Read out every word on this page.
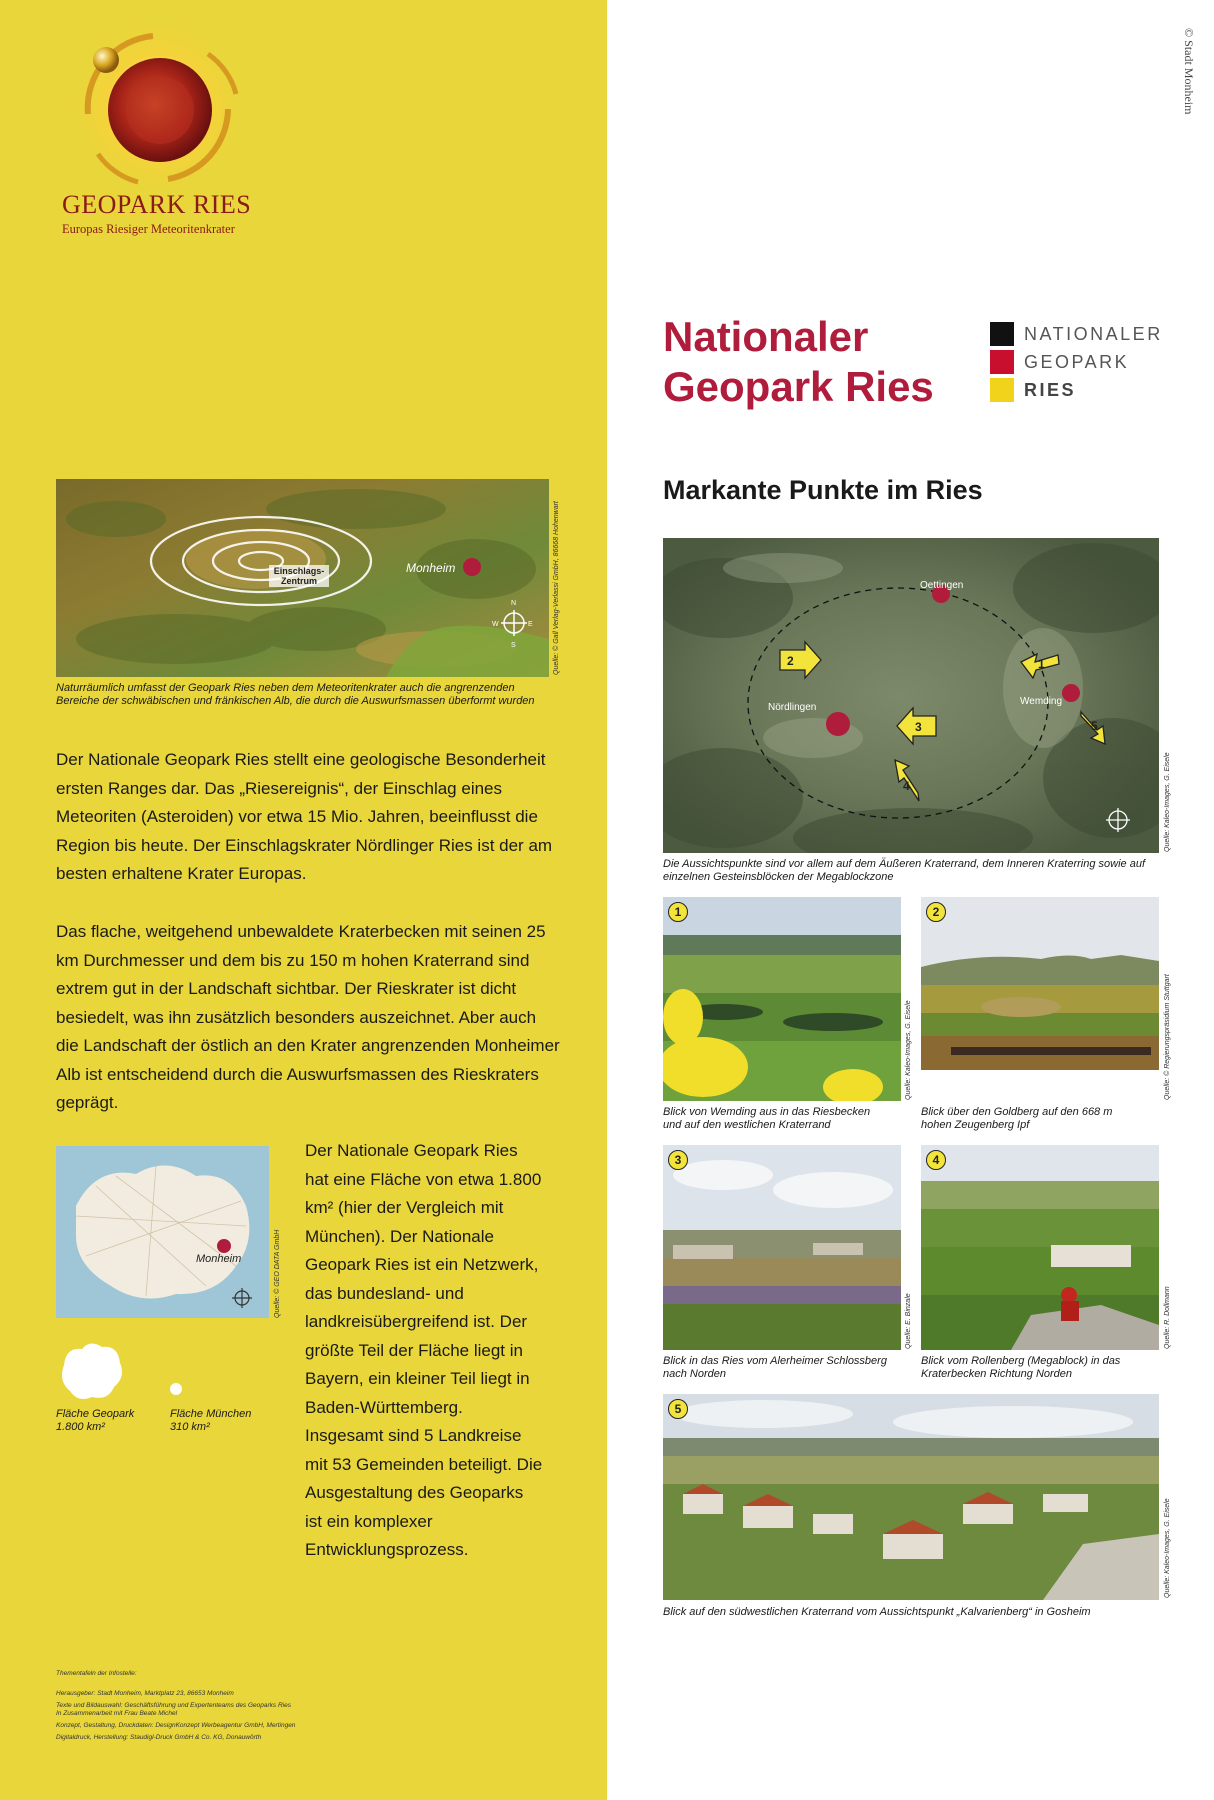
GEOPARK RIES
Europas Riesiger Meteoritenkrater
N
S
W	E
Einschlags-Zentrum
Monheim	Quelle: © Gall Verlag-Verlassi GmbH, 86668 Hohenwart
Naturräumlich umfasst der Geopark Ries neben dem Meteoritenkrater auch die angrenzenden Bereiche der schwäbischen und fränkischen Alb, die durch die Auswurfsmassen überformt wurden
Der Nationale Geopark Ries stellt eine geologische Besonderheit ersten Ranges dar. Das „Riesereignis“, der Einschlag eines Meteoriten (Asteroiden) vor etwa 15 Mio. Jahren, beeinflusst die Region bis heute. Der Einschlagskrater Nördlinger Ries ist der am besten erhaltene Krater Europas.
Das flache, weitgehend unbewaldete Kraterbecken mit seinen 25 km Durchmesser und dem bis zu 150 m hohen Kraterrand sind extrem gut in der Landschaft sichtbar. Der Rieskrater ist dicht besiedelt, was ihn zusätzlich besonders auszeichnet. Aber auch die Landschaft der östlich an den Krater angrenzenden Monheimer Alb ist entscheidend durch die Auswurfsmassen des Rieskraters geprägt.
Monheim	Quelle: © GEO DATA GmbH
Fläche Geopark
1.800 km²
Fläche München
310 km²
Der Nationale Geopark Ries hat eine Fläche von etwa 1.800 km² (hier der Vergleich mit München). Der Nationale Geopark Ries ist ein Netzwerk, das bundesland- und landkreisübergreifend ist. Der größte Teil der Fläche liegt in Bayern, ein kleiner Teil liegt in Baden-Württemberg. Insgesamt sind 5 Landkreise mit 53 Gemeinden beteiligt. Die Ausgestaltung des Geoparks ist ein komplexer Entwicklungsprozess.
Thementafeln der Infostelle:
Herausgeber: Stadt Monheim, Marktplatz 23, 86653 Monheim
Texte und Bildauswahl: Geschäftsführung und Expertenteams des Geoparks Ries
In Zusammenarbeit mit Frau Beate Michel
Konzept, Gestaltung, Druckdaten: DesignKonzept Werbeagentur GmbH, Mertingen
Digitaldruck, Herstellung: Staudigl-Druck GmbH & Co. KG, Donauwörth
© Stadt Monheim
Nationaler
Geopark Ries
NATIONALER
GEOPARK
RIES
Markante Punkte im Ries
2	1
3
4
5
Oettingen
Nördlingen
Wemding
Quelle: Kaleo-Images, G. Eisele
Die Aussichtspunkte sind vor allem auf dem Äußeren Kraterrand, dem Inneren Kraterring sowie auf einzelnen Gesteinsblöcken der Megablockzone
1
Quelle: Kaleo-Images, G. Eisele
Blick von Wemding aus in das Riesbecken und auf den westlichen Kraterrand
2
Quelle: © Regierungspräsidium Stuttgart
Blick über den Goldberg auf den 668 m hohen Zeugenberg Ipf
3
Quelle: E. Binzale
Blick in das Ries vom Alerheimer Schlossberg nach Norden
4
Quelle: R. Dollmann
Blick vom Rollenberg (Megablock) in das Kraterbecken Richtung Norden
5
Quelle: Kaleo-Images, G. Eisele
Blick auf den südwestlichen Kraterrand vom Aussichtspunkt „Kalvarienberg“ in Gosheim
